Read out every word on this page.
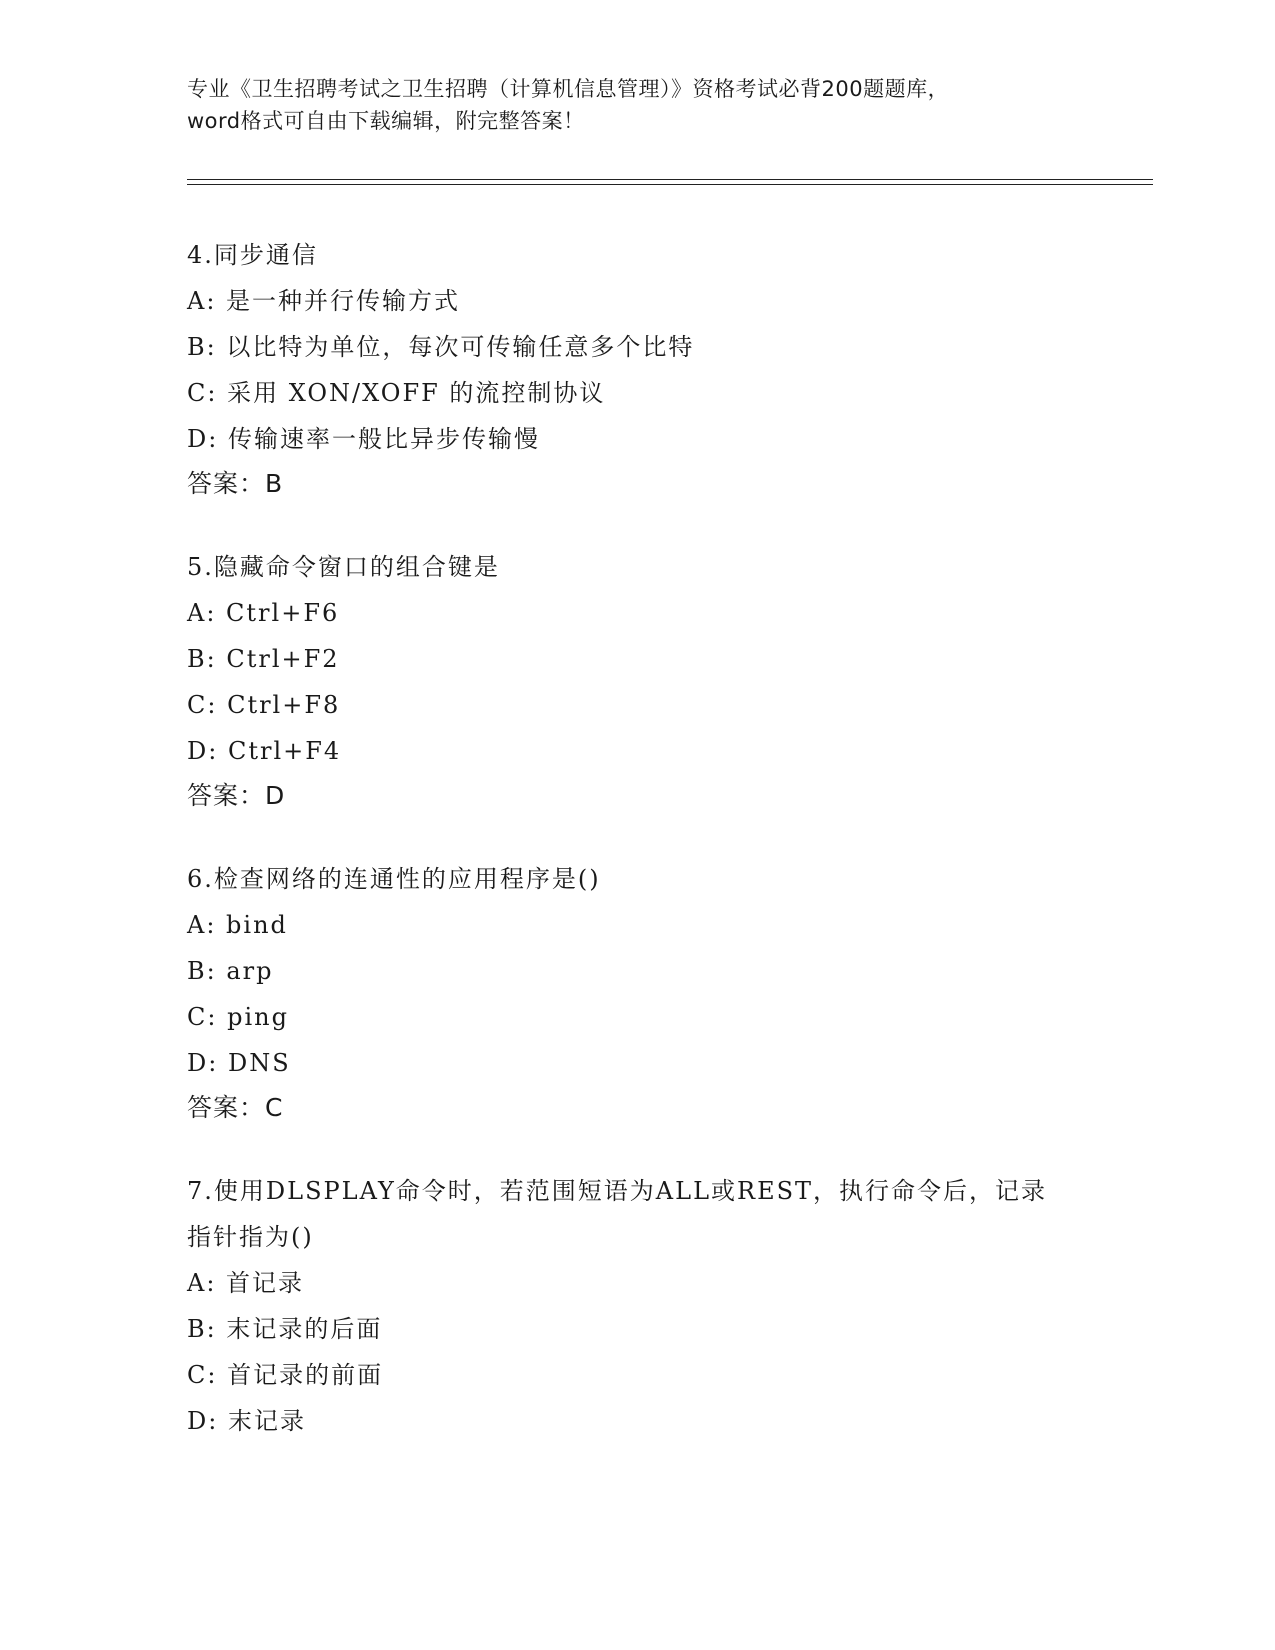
专业《卫生招聘考试之卫生招聘（计算机信息管理）》资格考试必背200题题库，
word格式可自由下载编辑，附完整答案！
4.同步通信
A: 是一种并行传输方式
B: 以比特为单位，每次可传输任意多个比特
C: 采用 XON/XOFF 的流控制协议
D: 传输速率一般比异步传输慢
答案：B
5.隐藏命令窗口的组合键是
A: Ctrl+F6
B: Ctrl+F2
C: Ctrl+F8
D: Ctrl+F4
答案：D
6.检查网络的连通性的应用程序是()
A: bind
B: arp
C: ping
D: DNS
答案：C
7.使用DLSPLAY命令时，若范围短语为ALL或REST，执行命令后，记录指针指为()
A: 首记录
B: 末记录的后面
C: 首记录的前面
D: 末记录
